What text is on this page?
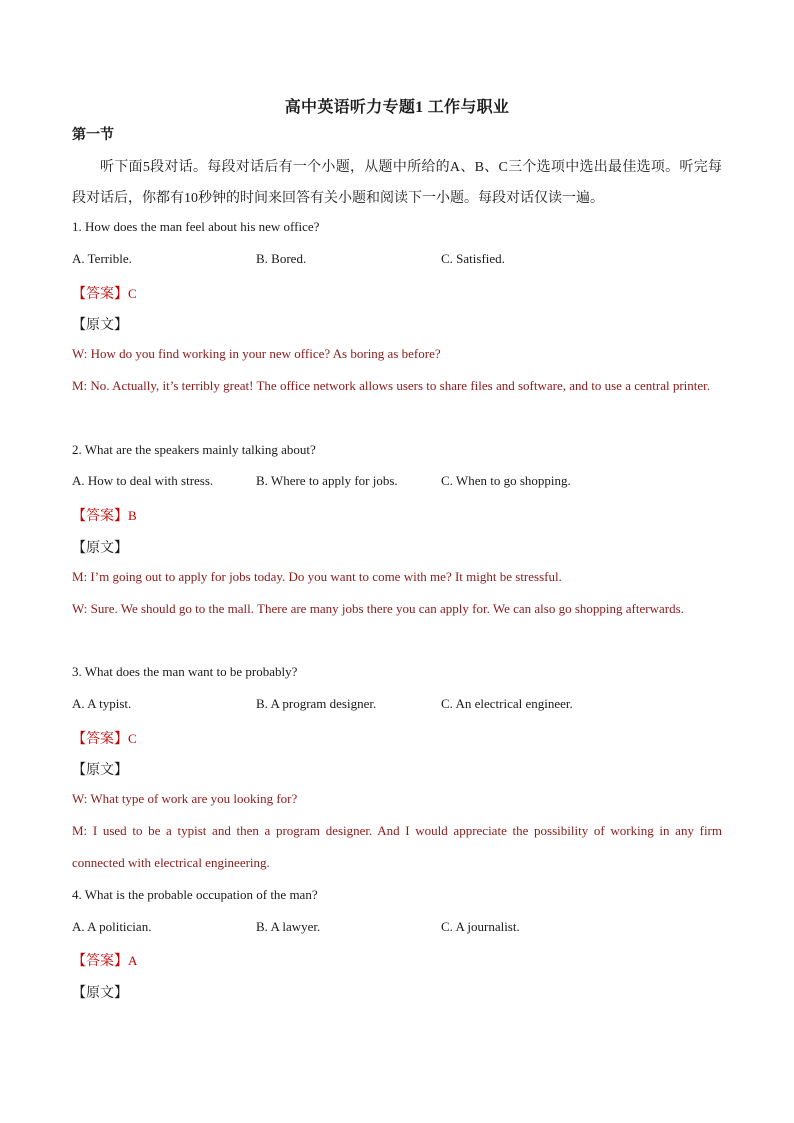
高中英语听力专题1 工作与职业
第一节
听下面5段对话。每段对话后有一个小题，从题中所给的A、B、C三个选项中选出最佳选项。听完每段对话后，你都有10秒钟的时间来回答有关小题和阅读下一小题。每段对话仅读一遍。
1. How does the man feel about his new office?
A. Terrible.	B. Bored.	C. Satisfied.
【答案】C
【原文】
W: How do you find working in your new office? As boring as before?
M: No. Actually, it’s terribly great! The office network allows users to share files and software, and to use a central printer.
2. What are the speakers mainly talking about?
A. How to deal with stress.	B. Where to apply for jobs.	C. When to go shopping.
【答案】B
【原文】
M: I’m going out to apply for jobs today. Do you want to come with me? It might be stressful.
W: Sure. We should go to the mall. There are many jobs there you can apply for. We can also go shopping afterwards.
3. What does the man want to be probably?
A. A typist.	B. A program designer.	C. An electrical engineer.
【答案】C
【原文】
W: What type of work are you looking for?
M: I used to be a typist and then a program designer. And I would appreciate the possibility of working in any firm connected with electrical engineering.
4. What is the probable occupation of the man?
A. A politician.	B. A lawyer.	C. A journalist.
【答案】A
【原文】
